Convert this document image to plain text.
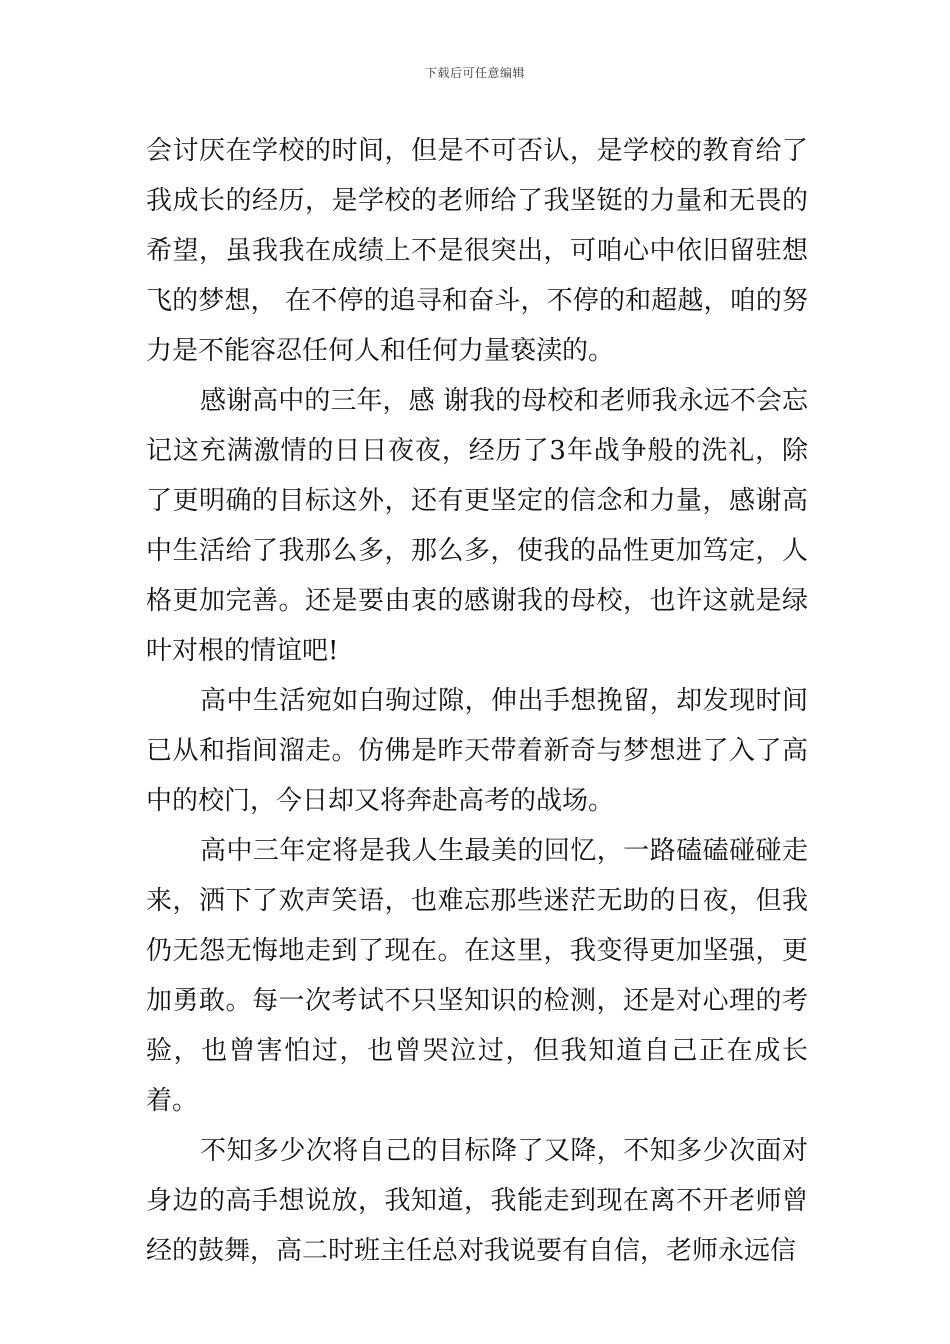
下载后可任意编辑

会讨厌在学校的时间，但是不可否认，是学校的教育给了我成长的经历，是学校的老师给了我坚铤的力量和无畏的希望，虽我我在成绩上不是很突出，可咱心中依旧留驻想飞的梦想， 在不停的追寻和奋斗，不停的和超越，咱的努力是不能容忍任何人和任何力量亵渎的。

感谢高中的三年，感 谢我的母校和老师我永远不会忘记这充满激情的日日夜夜，经历了3年战争般的洗礼，除了更明确的目标这外，还有更坚定的信念和力量，感谢高中生活给了我那么多，那么多，使我的品性更加笃定，人格更加完善。还是要由衷的感谢我的母校，也许这就是绿叶对根的情谊吧!

高中生活宛如白驹过隙，伸出手想挽留，却发现时间已从和指间溜走。仿佛是昨天带着新奇与梦想进了入了高中的校门，今日却又将奔赴高考的战场。

高中三年定将是我人生最美的回忆，一路磕磕碰碰走来，洒下了欢声笑语，也难忘那些迷茫无助的日夜，但我仍无怨无悔地走到了现在。在这里，我变得更加坚强，更加勇敢。每一次考试不只坚知识的检测，还是对心理的考验，也曾害怕过，也曾哭泣过，但我知道自己正在成长着。

不知多少次将自己的目标降了又降，不知多少次面对身边的高手想说放，我知道，我能走到现在离不开老师曾经的鼓舞，高二时班主任总对我说要有自信，老师永远信
